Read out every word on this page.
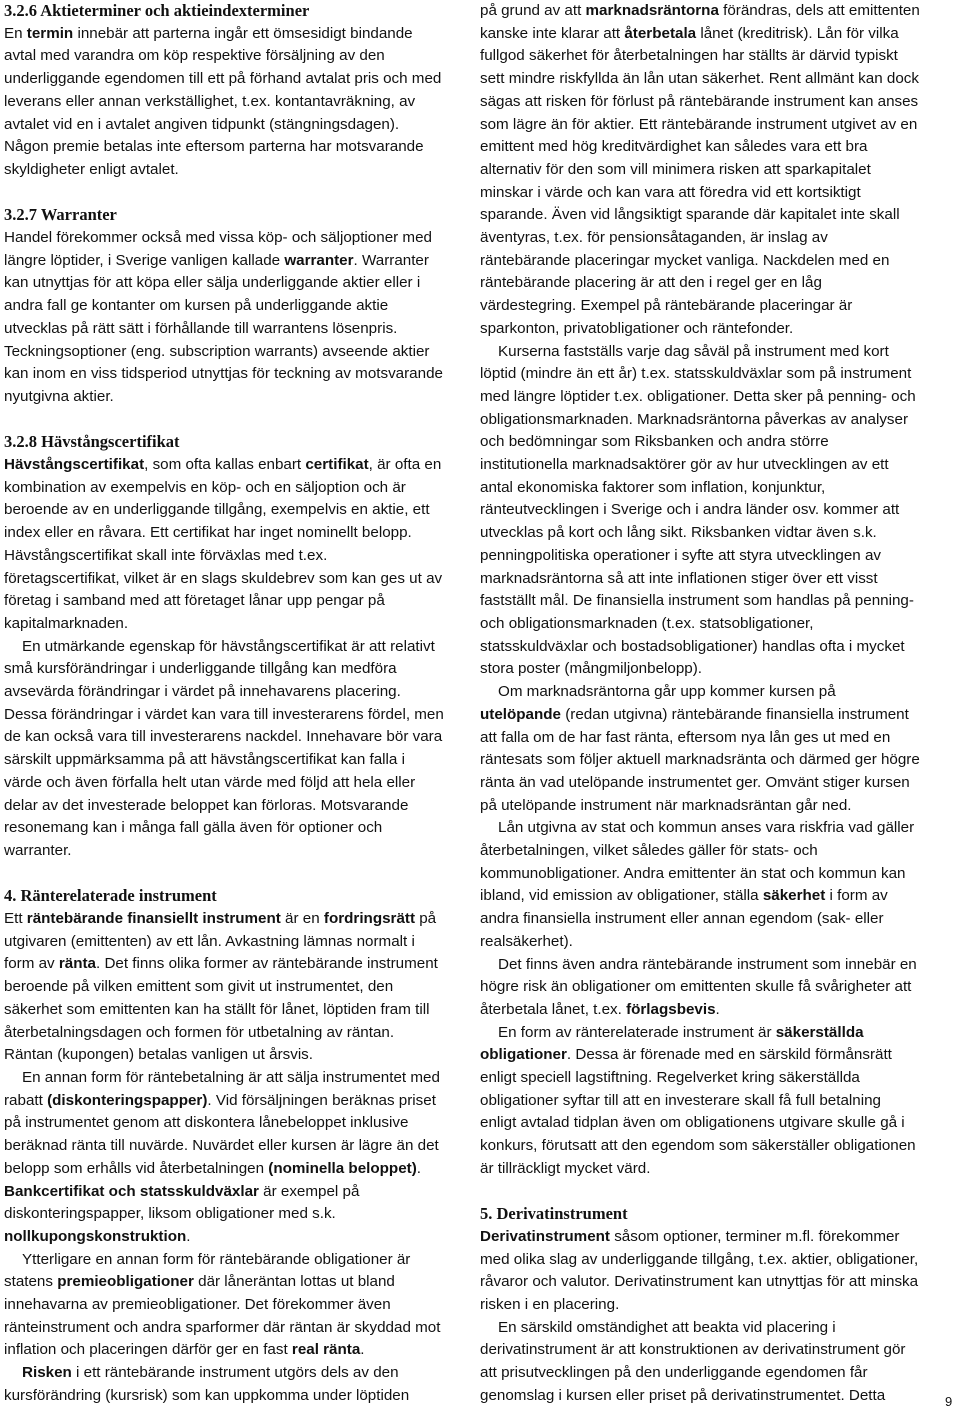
3.2.6 Aktieterminer och aktieindexterminer

En termin innebär att parterna ingår ett ömsesidigt bindande avtal med varandra om köp respektive försäljning av den underliggande egendomen till ett på förhand avtalat pris och med leverans eller annan verkställighet, t.ex. kontantavräkning, av avtalet vid en i avtalet angiven tidpunkt (stängningsdagen). Någon premie betalas inte eftersom parterna har motsvarande skyldigheter enligt avtalet.

3.2.7 Warranter

Handel förekommer också med vissa köp- och säljoptioner med längre löptider, i Sverige vanligen kallade warranter. Warranter kan utnyttjas för att köpa eller sälja underliggande aktier eller i andra fall ge kontanter om kursen på underliggande aktie utvecklas på rätt sätt i förhållande till warrantens lösenpris. Teckningsoptioner (eng. subscription warrants) avseende aktier kan inom en viss tidsperiod utnyttjas för teckning av motsvarande nyutgivna aktier.

3.2.8 Hävstångscertifikat

Hävstångscertifikat, som ofta kallas enbart certifikat, är ofta en kombination av exempelvis en köp- och en säljoption och är beroende av en underliggande tillgång, exempelvis en aktie, ett index eller en råvara. Ett certifikat har inget nominellt belopp. Hävstångscertifikat skall inte förväxlas med t.ex. företagscertifikat, vilket är en slags skuldebrev som kan ges ut av företag i samband med att företaget lånar upp pengar på kapitalmarknaden.

En utmärkande egenskap för hävstångscertifikat är att relativt små kursförändringar i underliggande tillgång kan medföra avsevärda förändringar i värdet på innehavarens placering. Dessa förändringar i värdet kan vara till investerarens fördel, men de kan också vara till investerarens nackdel. Innehavare bör vara särskilt uppmärksamma på att hävstångscertifikat kan falla i värde och även förfalla helt utan värde med följd att hela eller delar av det investerade beloppet kan förloras. Motsvarande resonemang kan i många fall gälla även för optioner och warranter.

4. Ränterelaterade instrument

Ett räntebärande finansiellt instrument är en fordringsrätt på utgivaren (emittenten) av ett lån. Avkastning lämnas normalt i form av ränta. Det finns olika former av räntebärande instrument beroende på vilken emittent som givit ut instrumentet, den säkerhet som emittenten kan ha ställt för lånet, löptiden fram till återbetalningsdagen och formen för utbetalning av räntan. Räntan (kupongen) betalas vanligen ut årsvis.

En annan form för räntebetalning är att sälja instrumentet med rabatt (diskonteringspapper). Vid försäljningen beräknas priset på instrumentet genom att diskontera lånebeloppet inklusive beräknad ränta till nuvärde. Nuvärdet eller kursen är lägre än det belopp som erhålls vid återbetalningen (nominella beloppet). Bankcertifikat och statsskuldväxlar är exempel på diskonteringspapper, liksom obligationer med s.k. nollkupongskonstruktion.

Ytterligare en annan form för räntebärande obligationer är statens premieobligationer där låneräntan lottas ut bland innehavarna av premieobligationer. Det förekommer även ränteinstrument och andra sparformer där räntan är skyddad mot inflation och placeringen därför ger en fast real ränta.

Risken i ett räntebärande instrument utgörs dels av den kursförändring (kursrisk) som kan uppkomma under löptiden

på grund av att marknadsräntorna förändras, dels att emittenten kanske inte klarar att återbetala lånet (kreditrisk). Lån för vilka fullgod säkerhet för återbetalningen har ställts är därvid typiskt sett mindre riskfyllda än lån utan säkerhet. Rent allmänt kan dock sägas att risken för förlust på räntebärande instrument kan anses som lägre än för aktier. Ett räntebärande instrument utgivet av en emittent med hög kreditvärdighet kan således vara ett bra alternativ för den som vill minimera risken att sparkapitalet minskar i värde och kan vara att föredra vid ett kortsiktigt sparande. Även vid långsiktigt sparande där kapitalet inte skall äventyras, t.ex. för pensionsåtaganden, är inslag av räntebärande placeringar mycket vanliga. Nackdelen med en räntebärande placering är att den i regel ger en låg värdestegring. Exempel på räntebärande placeringar är sparkonton, privatobligationer och räntefonder.

Kurserna fastställs varje dag såväl på instrument med kort löptid (mindre än ett år) t.ex. statsskuldväxlar som på instrument med längre löptider t.ex. obligationer. Detta sker på penning- och obligationsmarknaden. Marknadsräntorna påverkas av analyser och bedömningar som Riksbanken och andra större institutionella marknadsaktörer gör av hur utvecklingen av ett antal ekonomiska faktorer som inflation, konjunktur, ränteutvecklingen i Sverige och i andra länder osv. kommer att utvecklas på kort och lång sikt. Riksbanken vidtar även s.k. penningpolitiska operationer i syfte att styra utvecklingen av marknadsräntorna så att inte inflationen stiger över ett visst fastställt mål. De finansiella instrument som handlas på penning- och obligationsmarknaden (t.ex. statsobligationer, statsskuldväxlar och bostadsobligationer) handlas ofta i mycket stora poster (mångmiljonbelopp).

Om marknadsräntorna går upp kommer kursen på utelöpande (redan utgivna) räntebärande finansiella instrument att falla om de har fast ränta, eftersom nya lån ges ut med en räntesats som följer aktuell marknadsränta och därmed ger högre ränta än vad utelöpande instrumentet ger. Omvänt stiger kursen på utelöpande instrument när marknadsräntan går ned.

Lån utgivna av stat och kommun anses vara riskfria vad gäller återbetalningen, vilket således gäller för stats- och kommunobligationer. Andra emittenter än stat och kommun kan ibland, vid emission av obligationer, ställa säkerhet i form av andra finansiella instrument eller annan egendom (sak- eller realsäkerhet).

Det finns även andra räntebärande instrument som innebär en högre risk än obligationer om emittenten skulle få svårigheter att återbetala lånet, t.ex. förlagsbevis.

En form av ränterelaterade instrument är säkerställda obligationer. Dessa är förenade med en särskild förmånsrätt enligt speciell lagstiftning. Regelverket kring säkerställda obligationer syftar till att en investerare skall få full betalning enligt avtalad tidplan även om obligationens utgivare skulle gå i konkurs, förutsatt att den egendom som säkerställer obligationen är tillräckligt mycket värd.

5. Derivatinstrument

Derivatinstrument såsom optioner, terminer m.fl. förekommer med olika slag av underliggande tillgång, t.ex. aktier, obligationer, råvaror och valutor. Derivatinstrument kan utnyttjas för att minska risken i en placering.

En särskild omständighet att beakta vid placering i derivatinstrument är att konstruktionen av derivatinstrument gör att prisutvecklingen på den underliggande egendomen får genomslag i kursen eller priset på derivatinstrumentet. Detta	9
